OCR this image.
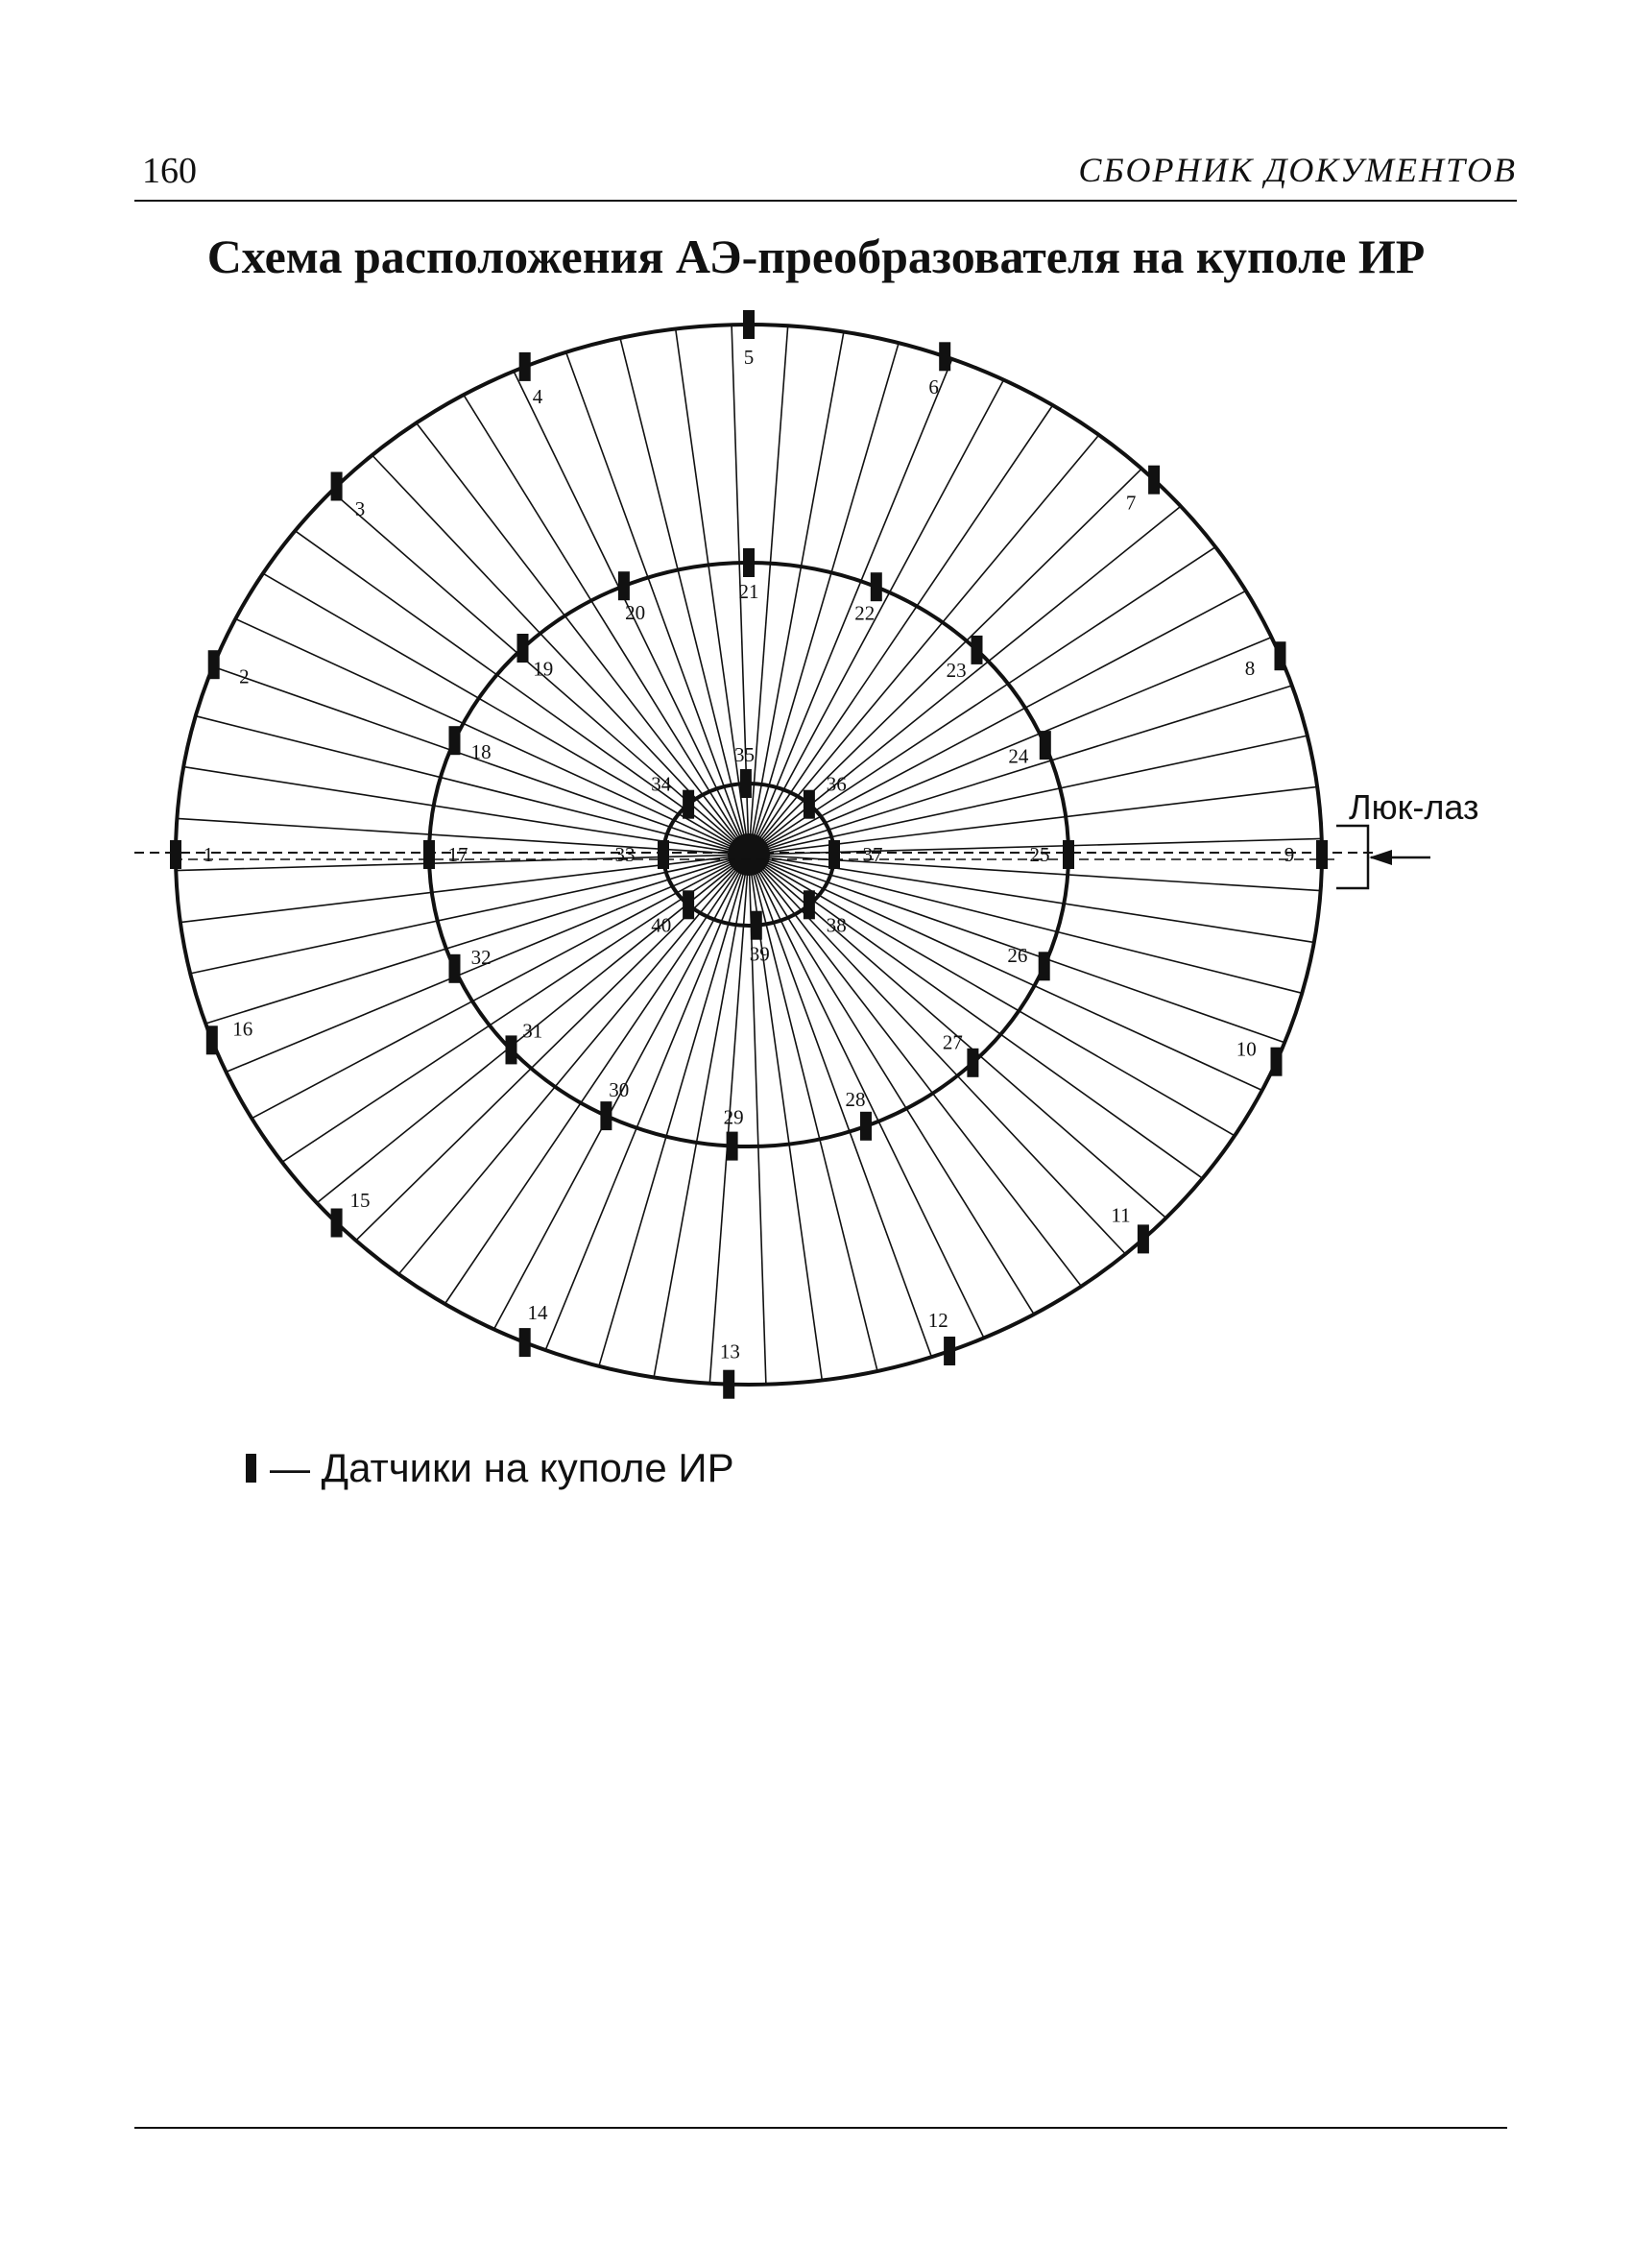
160	СБОРНИК ДОКУМЕНТОВ
Схема расположения АЭ-преобразователя на куполе ИР
Люк-лаз
1
2
3
4
5
6
7
8
9
10
11
12
13
14
15
16
17
18
19
20
21
22
23
24
25
26
27
28
29
30
31
32
33
34
35
36
37
38
39
40
— Датчики на куполе ИР
